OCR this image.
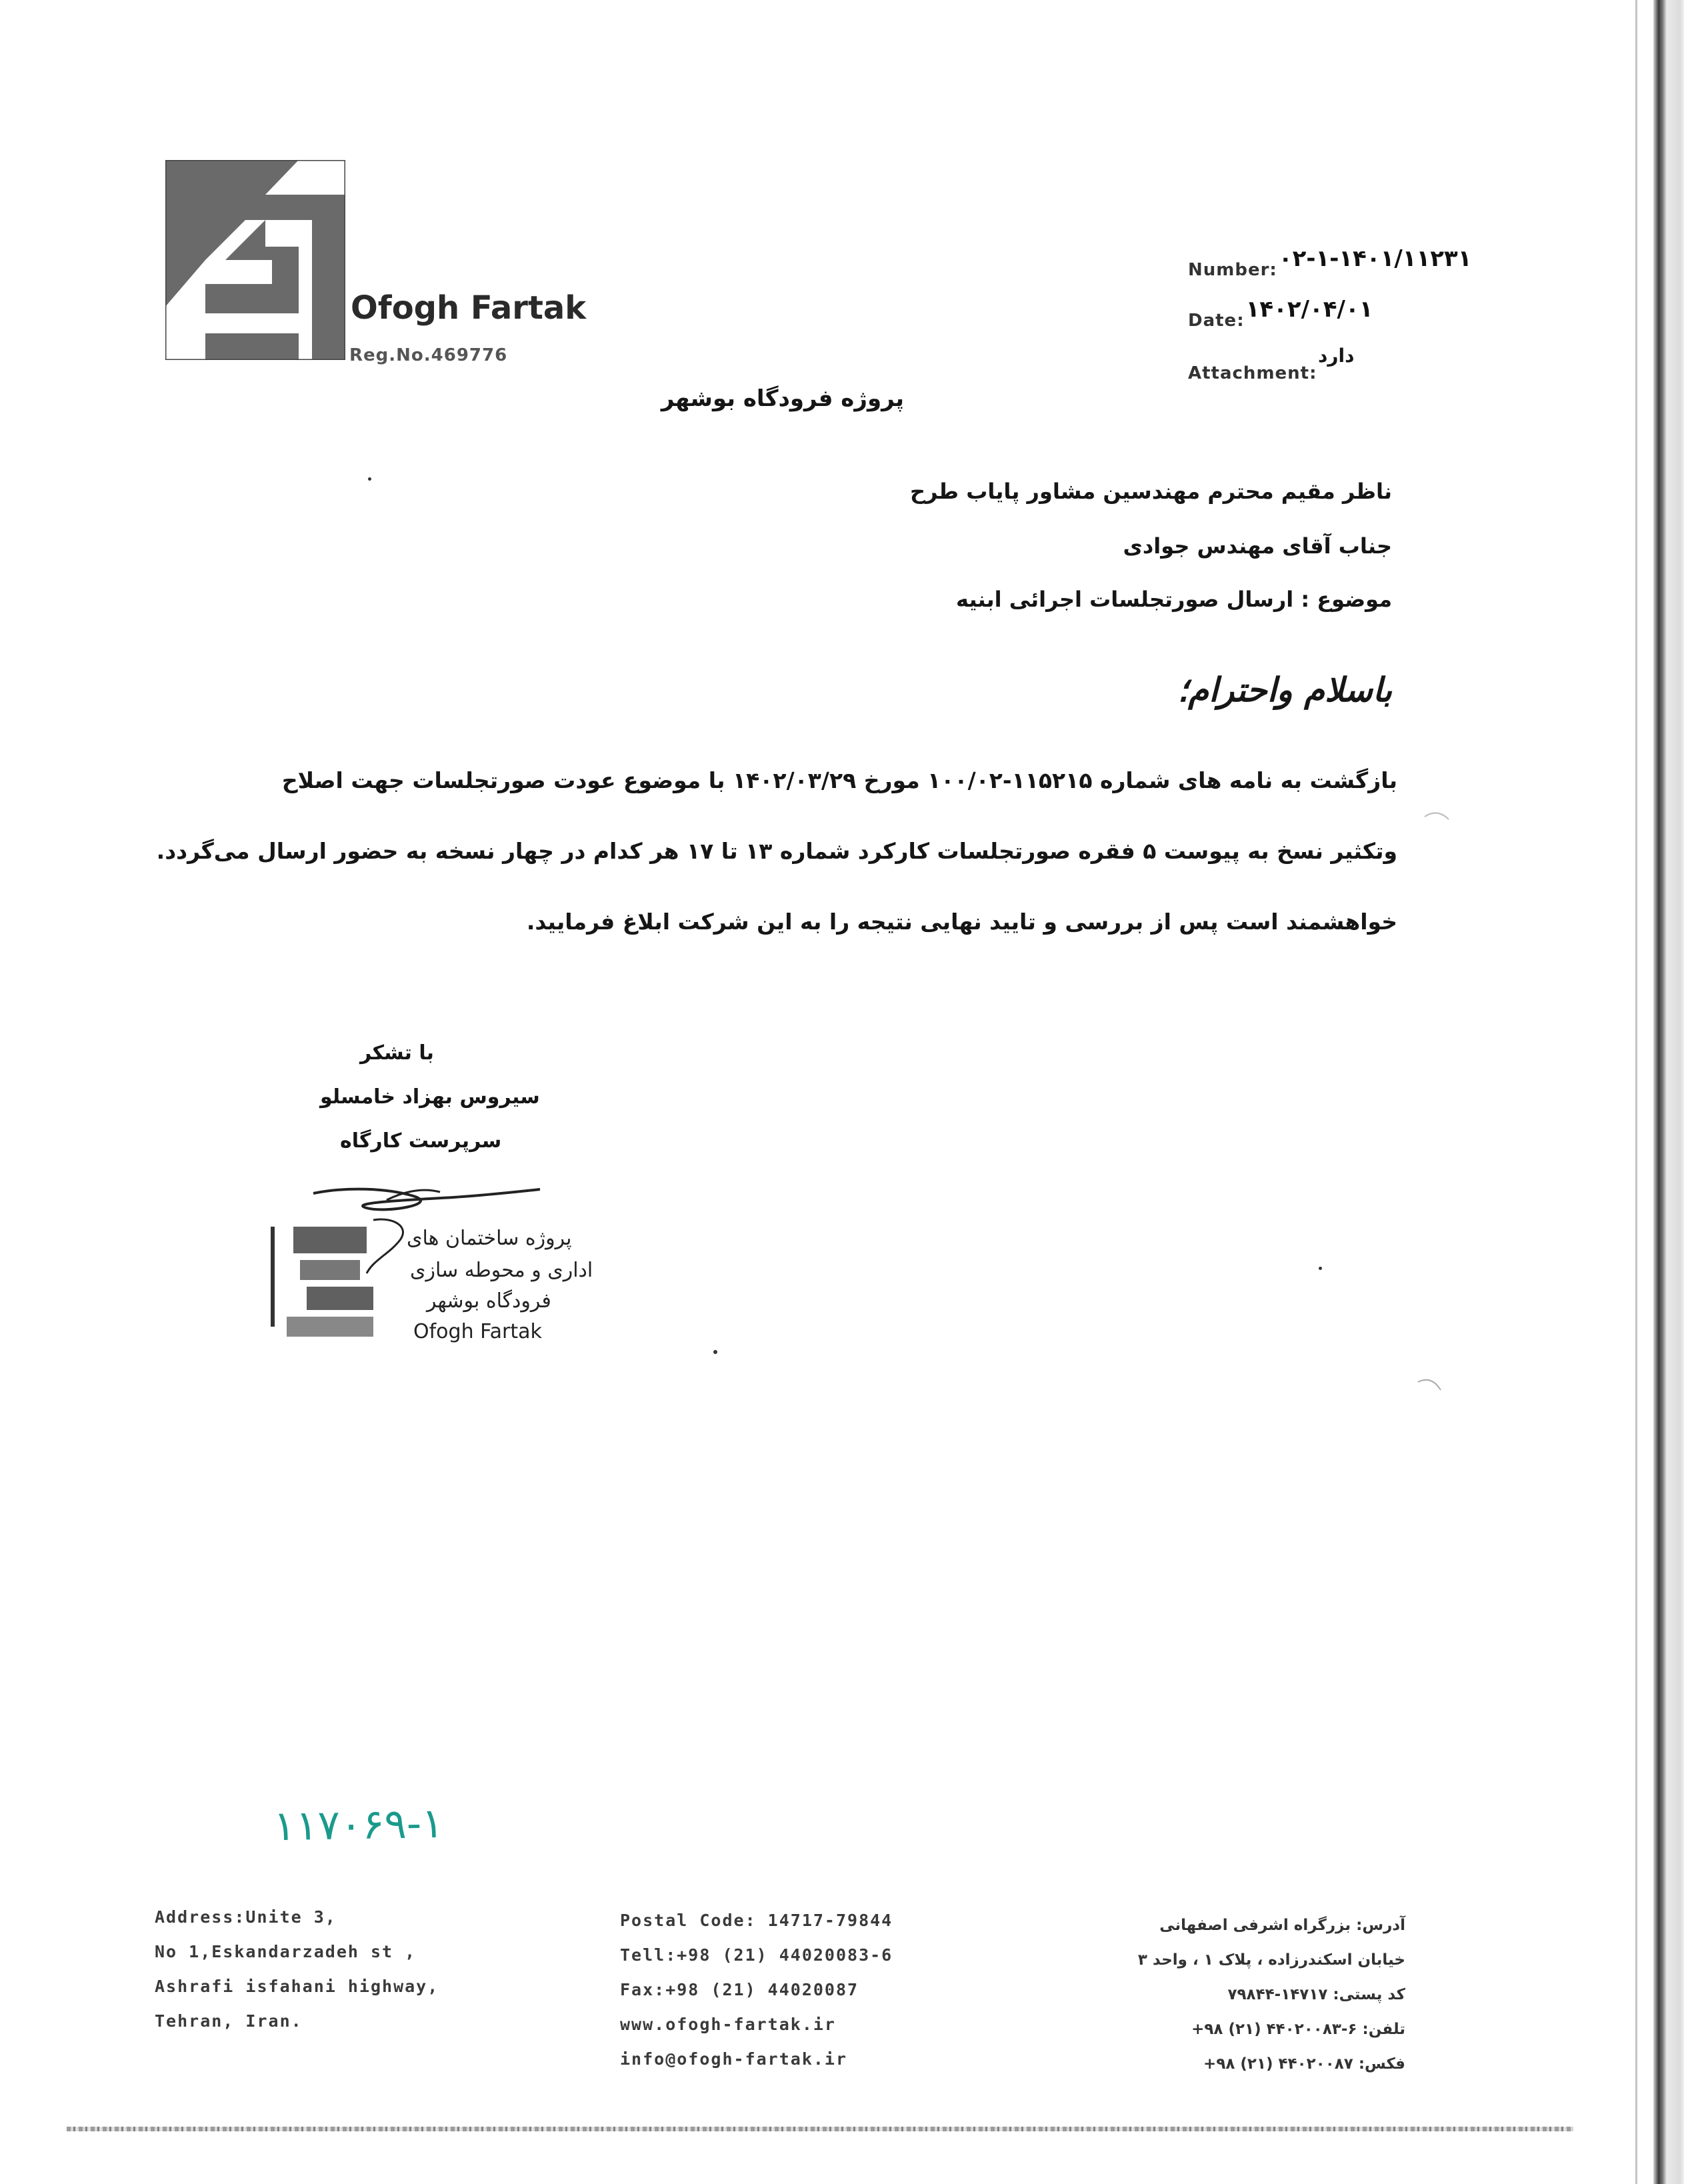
Ofogh Fartak
Reg.No.469776
Number:۰۲-۱-۱۴۰۱/۱۱۲۳۱
Date:۱۴۰۲/۰۴/۰۱
Attachment:
دارد
پروژه فرودگاه بوشهر
ناظر مقیم محترم مهندسین مشاور پایاب طرح
جناب آقای مهندس جوادی
موضوع : ارسال صورتجلسات اجرائی ابنیه
باسلام واحترام؛
بازگشت به نامه های شماره ۱۱۵۲۱۵-۱۰۰/۰۲ مورخ ۱۴۰۲/۰۳/۲۹ با موضوع عودت صورتجلسات جهت اصلاح
وتکثیر نسخ به پیوست ۵ فقره صورتجلسات کارکرد شماره ۱۳ تا ۱۷ هر کدام در چهار نسخه به حضور ارسال می‌گردد.
خواهشمند است پس از بررسی و تایید نهایی نتیجه را به این شرکت ابلاغ فرمایید.
با تشکر
سیروس بهزاد خامسلو
سرپرست کارگاه
پروژه ساختمان های
اداری و محوطه سازی
فرودگاه بوشهر
Ofogh Fartak
۱۱۷۰۶۹-۱
Address:Unite 3,
No 1,Eskandarzadeh st ,
Ashrafi isfahani highway,
Tehran, Iran.
Postal Code: 14717-79844
Tell:+98 (21) 44020083-6
Fax:+98 (21) 44020087
www.ofogh-fartak.ir
info@ofogh-fartak.ir
آدرس: بزرگراه اشرفی اصفهانی
خیابان اسکندرزاده ، پلاک ۱ ، واحد ۳
کد پستی: ۱۴۷۱۷-۷۹۸۴۴
تلفن: ۶-۴۴۰۲۰۰۸۳ (۲۱) ۹۸+
فکس: ۴۴۰۲۰۰۸۷ (۲۱) ۹۸+
